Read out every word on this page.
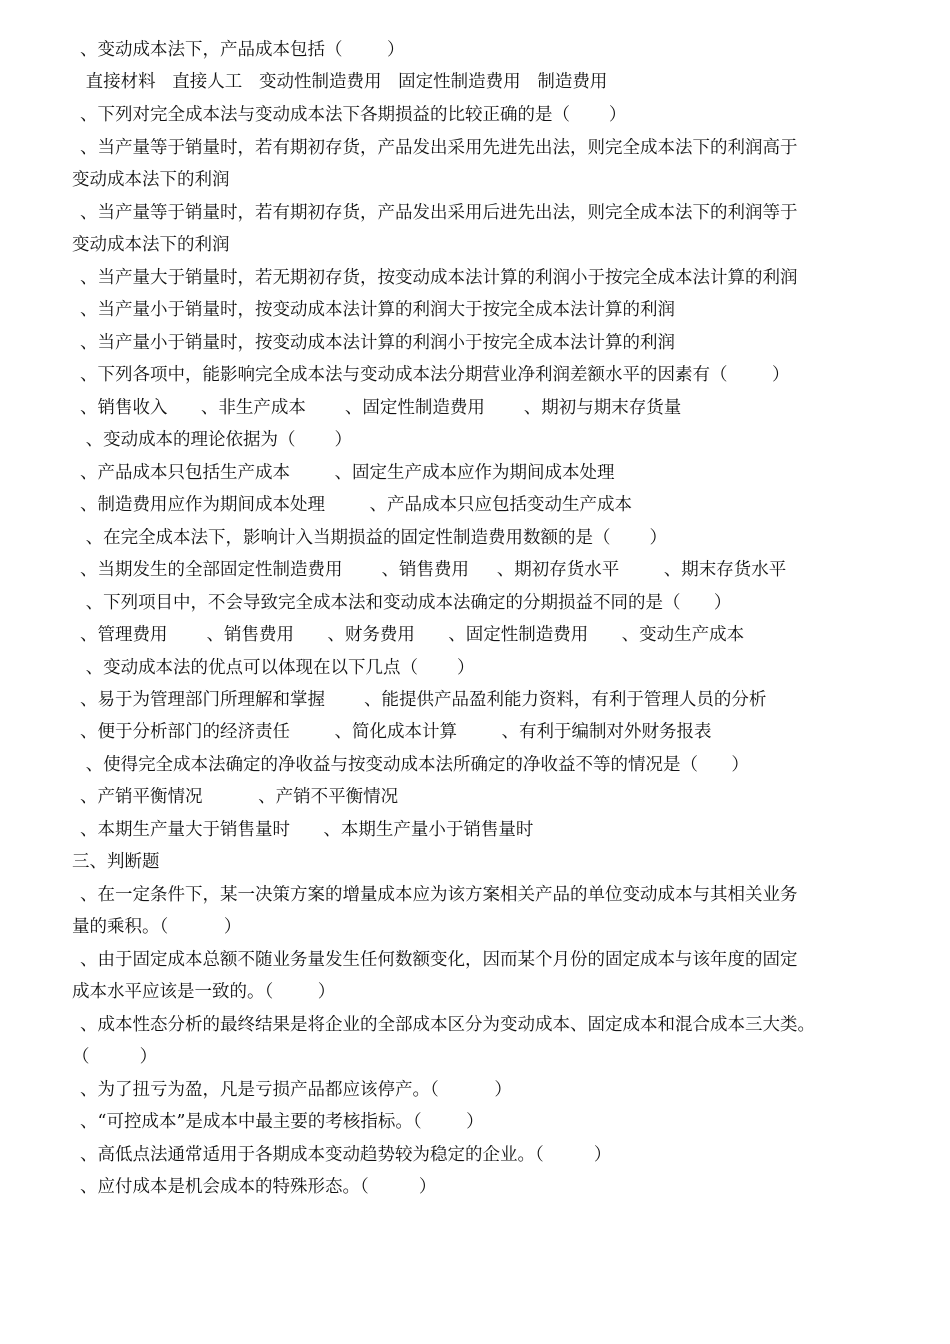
、变动成本法下，产品成本包括（        ）
直接材料   直接人工   变动性制造费用   固定性制造费用   制造费用
、下列对完全成本法与变动成本法下各期损益的比较正确的是（       ）
、当产量等于销量时，若有期初存货，产品发出采用先进先出法，则完全成本法下的利润高于
变动成本法下的利润
、当产量等于销量时，若有期初存货，产品发出采用后进先出法，则完全成本法下的利润等于
变动成本法下的利润
、当产量大于销量时，若无期初存货，按变动成本法计算的利润小于按完全成本法计算的利润
、当产量小于销量时，按变动成本法计算的利润大于按完全成本法计算的利润
、当产量小于销量时，按变动成本法计算的利润小于按完全成本法计算的利润
、下列各项中，能影响完全成本法与变动成本法分期营业净利润差额水平的因素有（        ）
、销售收入      、非生产成本       、固定性制造费用       、期初与期末存货量
、变动成本的理论依据为（       ）
、产品成本只包括生产成本        、固定生产成本应作为期间成本处理
、制造费用应作为期间成本处理        、产品成本只应包括变动生产成本
、在完全成本法下，影响计入当期损益的固定性制造费用数额的是（       ）
、当期发生的全部固定性制造费用       、销售费用     、期初存货水平        、期末存货水平
、下列项目中，不会导致完全成本法和变动成本法确定的分期损益不同的是（      ）
、管理费用       、销售费用      、财务费用      、固定性制造费用      、变动生产成本
、变动成本法的优点可以体现在以下几点（       ）
、易于为管理部门所理解和掌握       、能提供产品盈利能力资料，有利于管理人员的分析
、便于分析部门的经济责任        、简化成本计算        、有利于编制对外财务报表
、使得完全成本法确定的净收益与按变动成本法所确定的净收益不等的情况是（      ）
、产销平衡情况          、产销不平衡情况
、本期生产量大于销售量时      、本期生产量小于销售量时
三、判断题
、在一定条件下，某一决策方案的增量成本应为该方案相关产品的单位变动成本与其相关业务
量的乘积。（          ）
、由于固定成本总额不随业务量发生任何数额变化，因而某个月份的固定成本与该年度的固定
成本水平应该是一致的。（        ）
、成本性态分析的最终结果是将企业的全部成本区分为变动成本、固定成本和混合成本三大类。
（         ）
、为了扭亏为盈，凡是亏损产品都应该停产。（          ）
、“可控成本”是成本中最主要的考核指标。（        ）
、高低点法通常适用于各期成本变动趋势较为稳定的企业。（         ）
、应付成本是机会成本的特殊形态。（         ）
